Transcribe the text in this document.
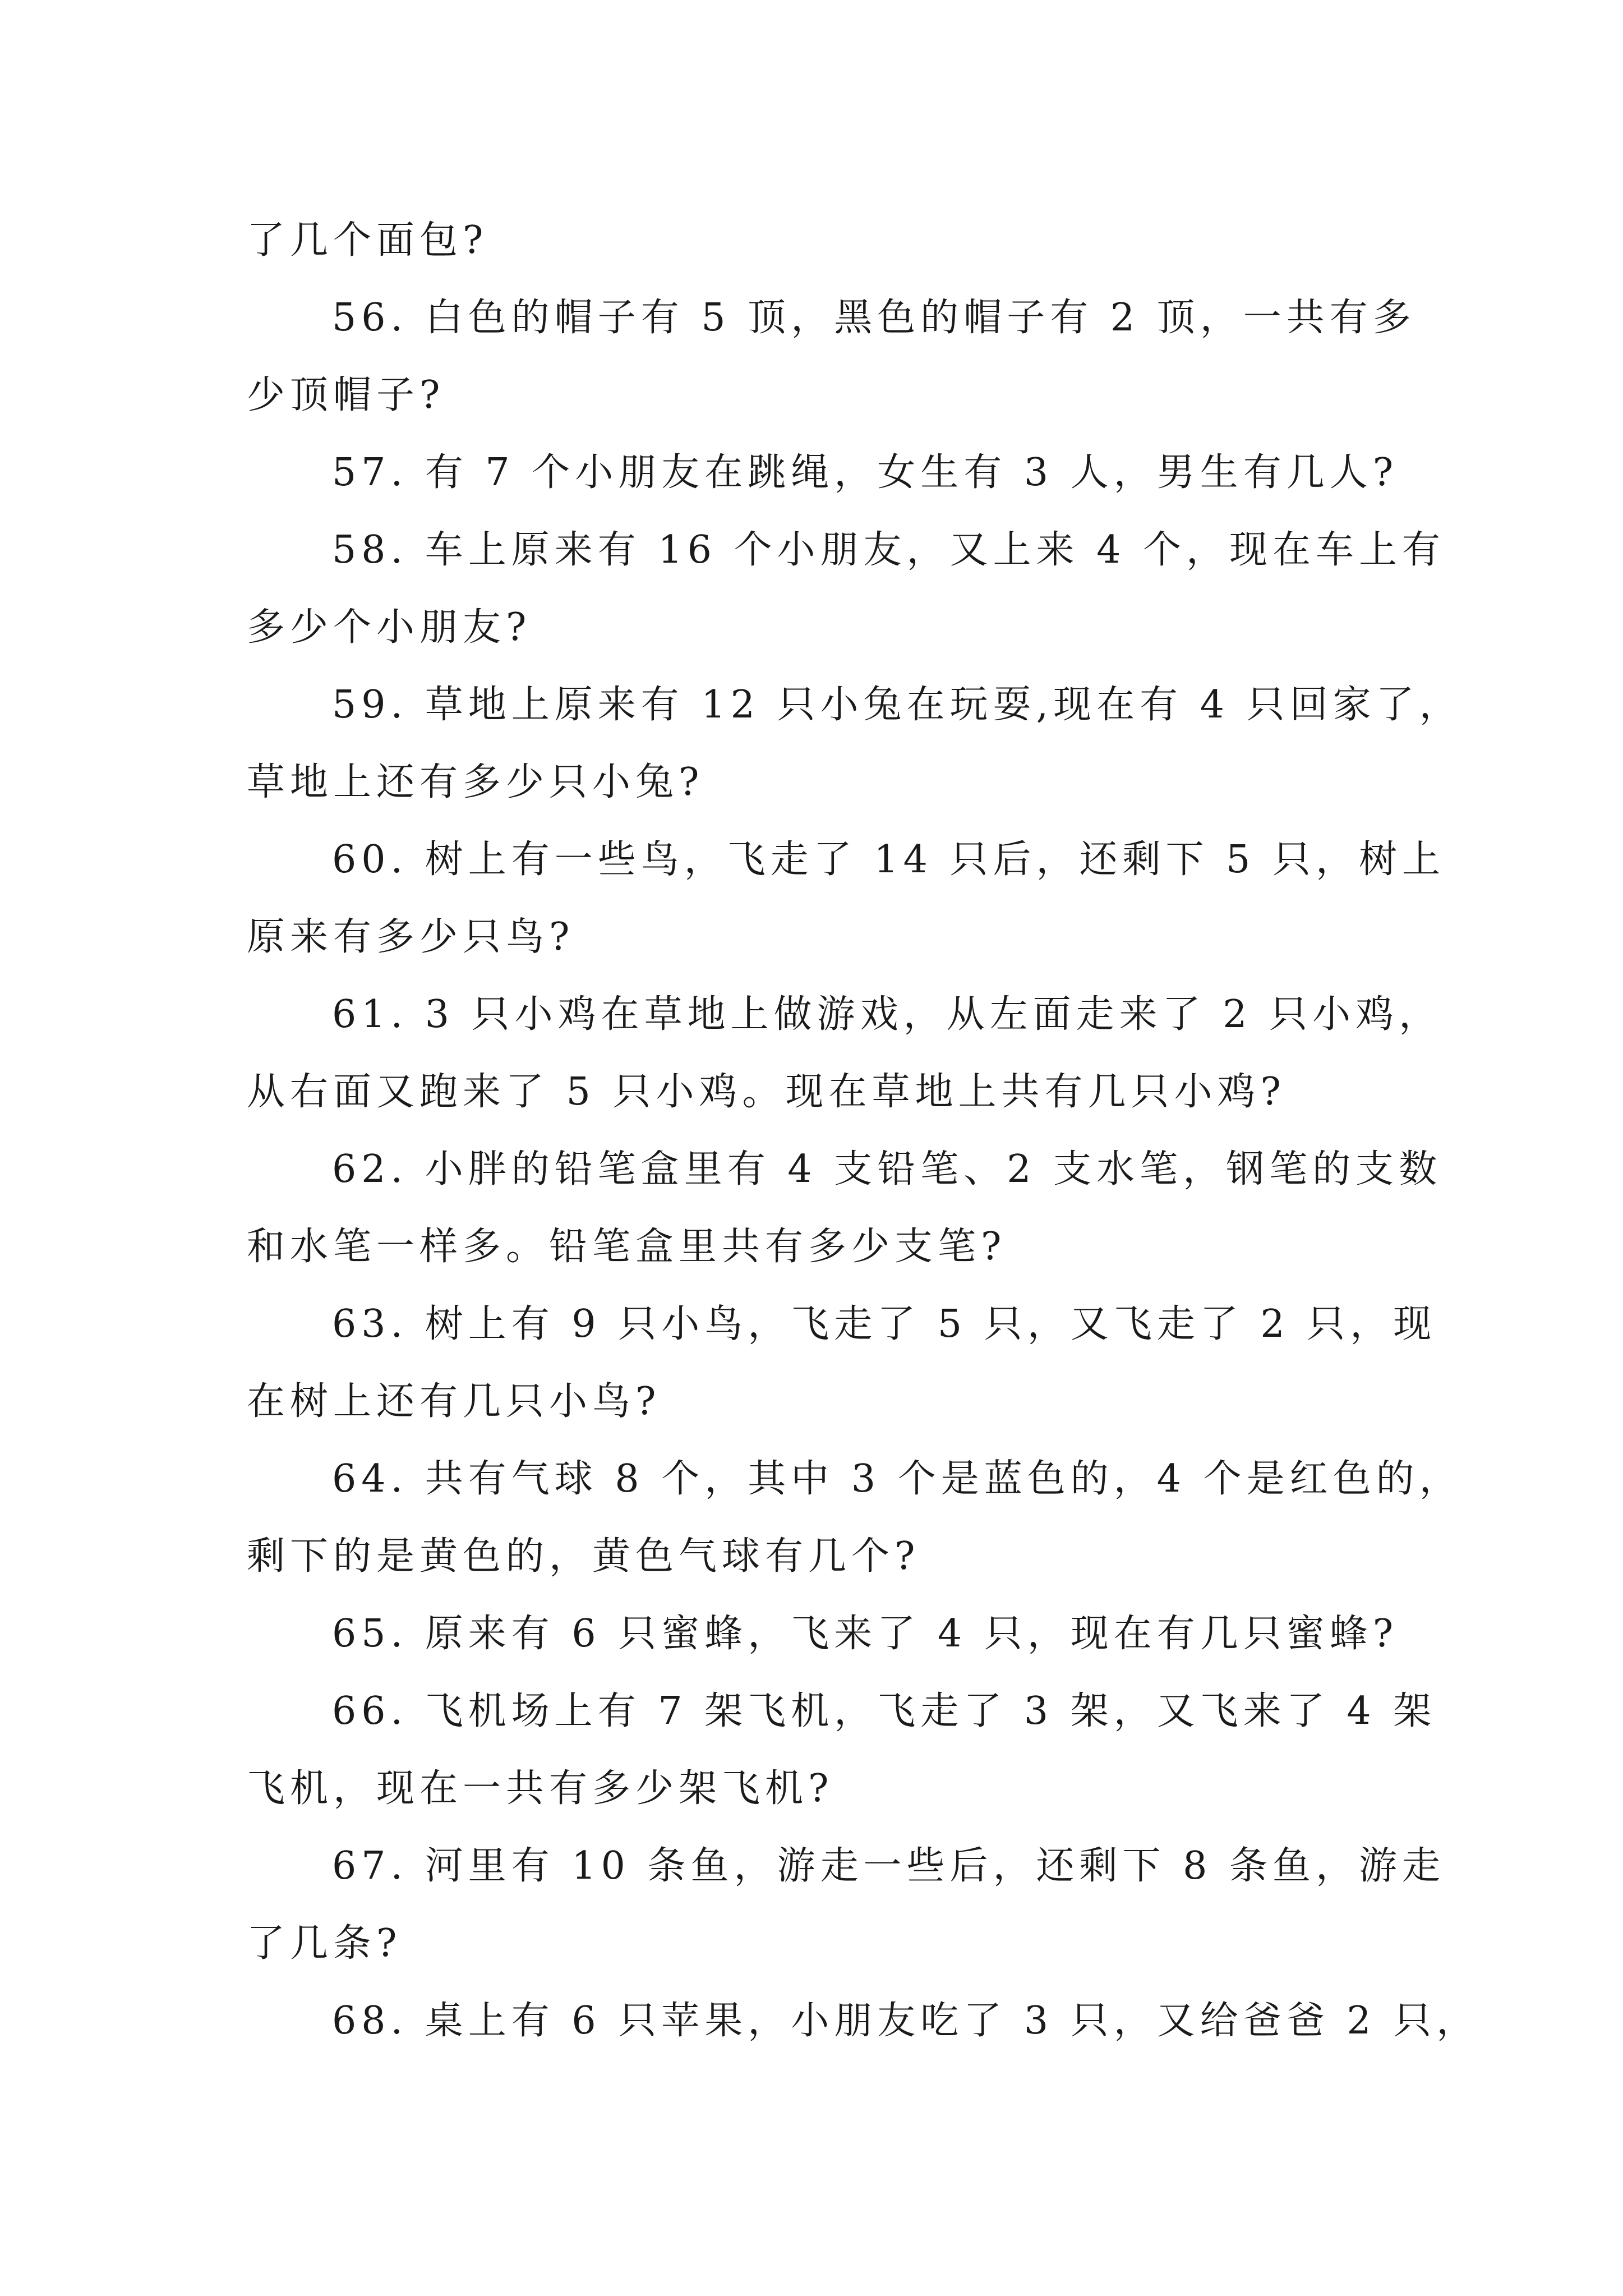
了几个面包?
56. 白色的帽子有 5 顶，黑色的帽子有 2 顶，一共有多
少顶帽子?
57. 有 7 个小朋友在跳绳，女生有 3 人，男生有几人?
58. 车上原来有 16 个小朋友，又上来 4 个，现在车上有
多少个小朋友?
59. 草地上原来有 12 只小兔在玩耍,现在有 4 只回家了，
草地上还有多少只小兔?
60. 树上有一些鸟，飞走了 14 只后，还剩下 5 只，树上
原来有多少只鸟?
61. 3 只小鸡在草地上做游戏，从左面走来了 2 只小鸡，
从右面又跑来了 5 只小鸡。现在草地上共有几只小鸡?
62. 小胖的铅笔盒里有 4 支铅笔、2 支水笔，钢笔的支数
和水笔一样多。铅笔盒里共有多少支笔?
63. 树上有 9 只小鸟，飞走了 5 只，又飞走了 2 只，现
在树上还有几只小鸟?
64. 共有气球 8 个，其中 3 个是蓝色的，4 个是红色的，
剩下的是黄色的，黄色气球有几个?
65. 原来有 6 只蜜蜂，飞来了 4 只，现在有几只蜜蜂?
66. 飞机场上有 7 架飞机，飞走了 3 架，又飞来了 4 架
飞机，现在一共有多少架飞机?
67. 河里有 10 条鱼，游走一些后，还剩下 8 条鱼，游走
了几条?
68. 桌上有 6 只苹果，小朋友吃了 3 只，又给爸爸 2 只，
